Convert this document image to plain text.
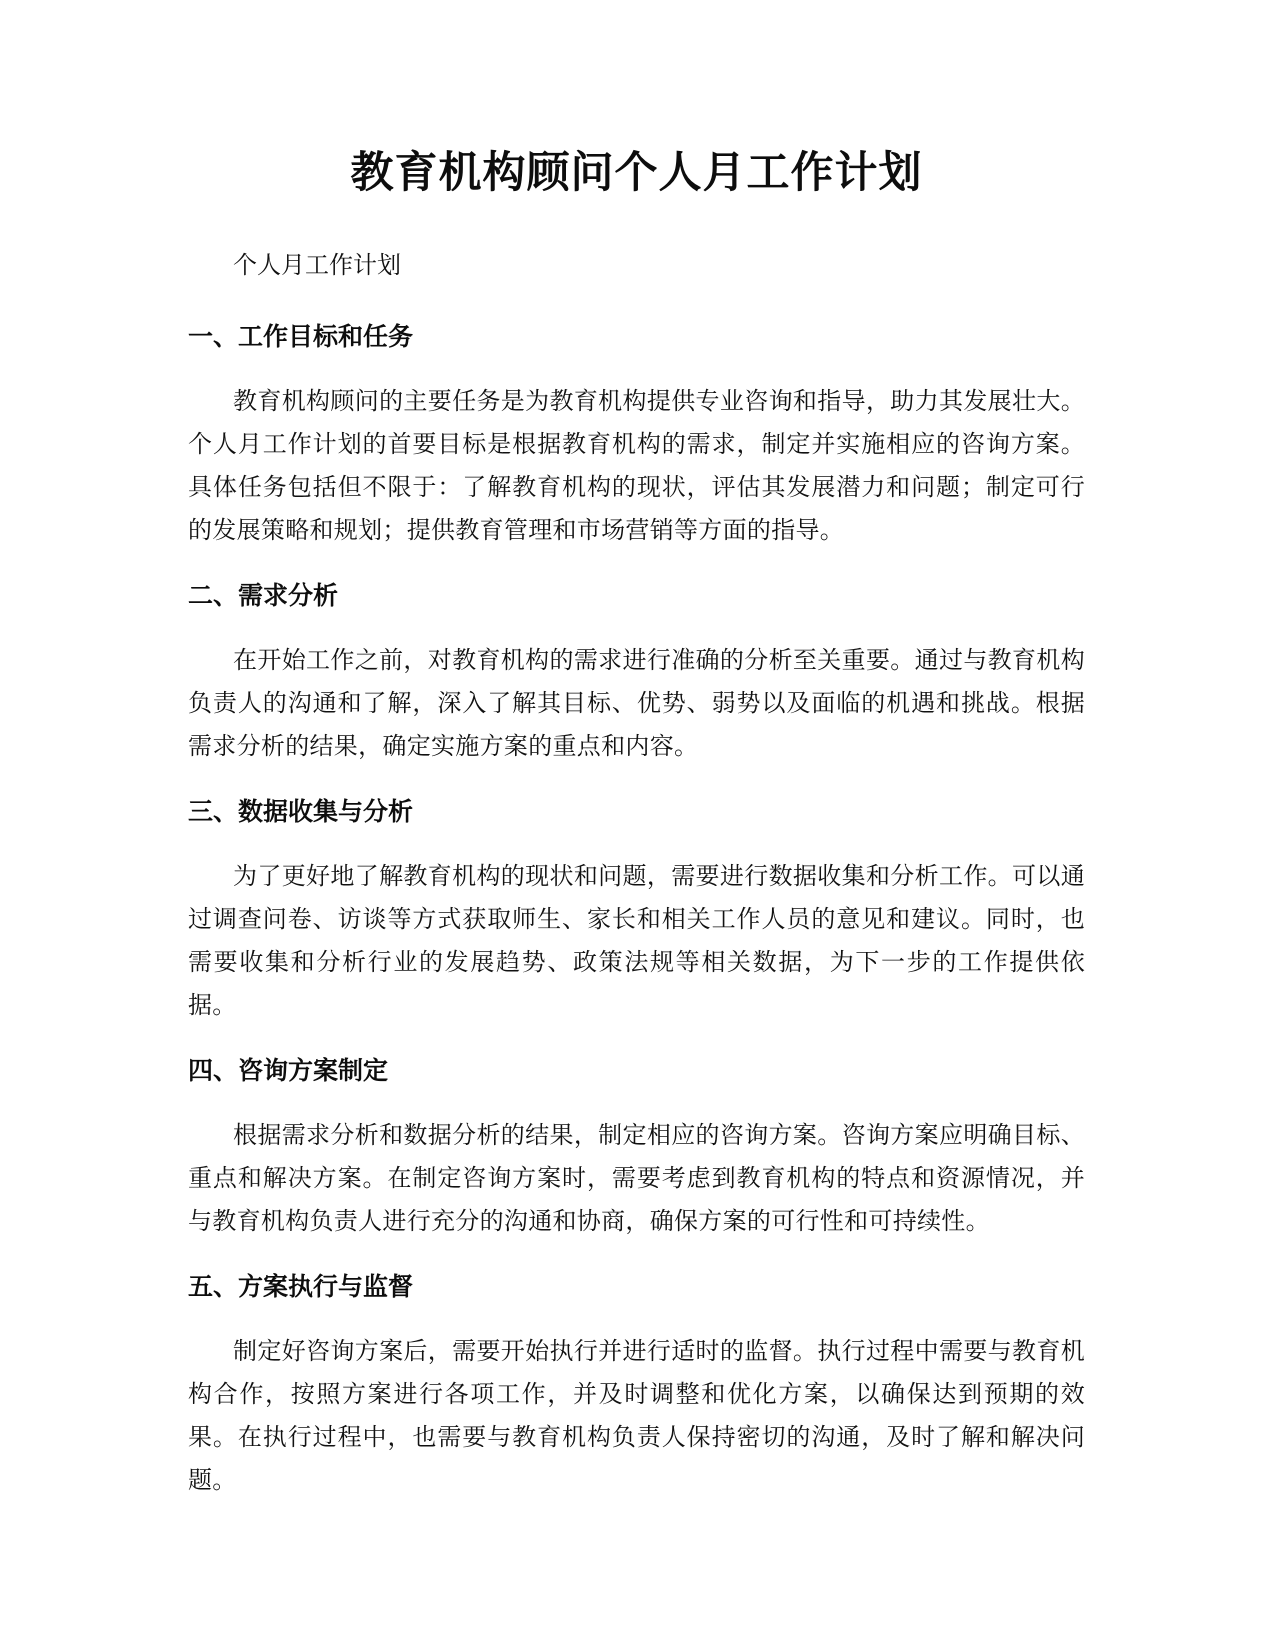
教育机构顾问个人月工作计划

个人月工作计划

一、工作目标和任务

教育机构顾问的主要任务是为教育机构提供专业咨询和指导，助力其发展壮大。个人月工作计划的首要目标是根据教育机构的需求，制定并实施相应的咨询方案。具体任务包括但不限于：了解教育机构的现状，评估其发展潜力和问题；制定可行的发展策略和规划；提供教育管理和市场营销等方面的指导。

二、需求分析

在开始工作之前，对教育机构的需求进行准确的分析至关重要。通过与教育机构负责人的沟通和了解，深入了解其目标、优势、弱势以及面临的机遇和挑战。根据需求分析的结果，确定实施方案的重点和内容。

三、数据收集与分析

为了更好地了解教育机构的现状和问题，需要进行数据收集和分析工作。可以通过调查问卷、访谈等方式获取师生、家长和相关工作人员的意见和建议。同时，也需要收集和分析行业的发展趋势、政策法规等相关数据，为下一步的工作提供依据。

四、咨询方案制定

根据需求分析和数据分析的结果，制定相应的咨询方案。咨询方案应明确目标、重点和解决方案。在制定咨询方案时，需要考虑到教育机构的特点和资源情况，并与教育机构负责人进行充分的沟通和协商，确保方案的可行性和可持续性。

五、方案执行与监督

制定好咨询方案后，需要开始执行并进行适时的监督。执行过程中需要与教育机构合作，按照方案进行各项工作，并及时调整和优化方案，以确保达到预期的效果。在执行过程中，也需要与教育机构负责人保持密切的沟通，及时了解和解决问题。
